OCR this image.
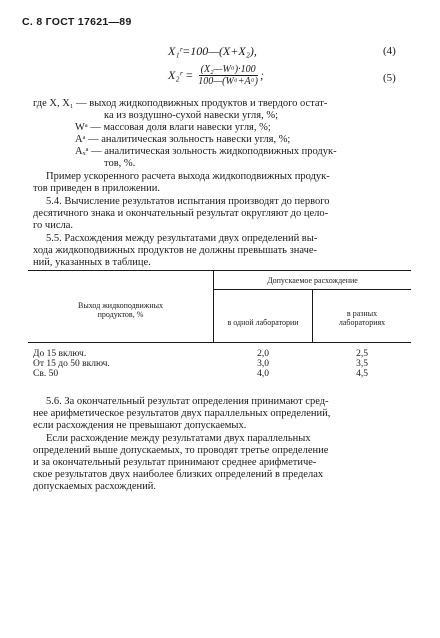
С. 8 ГОСТ 17621—89
X₁ʳ=100—(X+X₂),	(4)
X₂ʳ = $\frac{\text{(X₂—Wᵃ)·100}}{\text{100—(Wᵃ+Aᵃ)}}$ ;	(5)
где X, X₁ — выход жидкоподвижных продуктов и твердого остат-
ка из воздушно-сухой навески угля, %;
Wᵃ — массовая доля влаги навески угля, %;
Aᵃ — аналитическая зольность навески угля, %;
Aₓᵃ — аналитическая зольность жидкоподвижных продук-
тов, %.
Пример ускоренного расчета выхода жидкоподвижных продук-
тов приведен в приложении.
5.4. Вычисление результатов испытания производят до первого
десятичного знака и окончательный результат округляют до цело-
го числа.
5.5. Расхождения между результатами двух определений вы-
хода жидкоподвижных продуктов не должны превышать значе-
ний, указанных в таблице.
Выход жидкоподвижных
продуктов, %
Допускаемое расхождение
в одной лаборатории
в разных
лабораториях
До 15 включ.	2,0	2,5
От 15 до 50 включ.	3,0	3,5
Св. 50	4,0	4,5
5.6. За окончательный результат определения принимают сред-
нее арифметическое результатов двух параллельных определений,
если расхождения не превышают допускаемых.
Если расхождение между результатами двух параллельных
определений выше допускаемых, то проводят третье определение
и за окончательный результат принимают среднее арифметиче-
ское результатов двух наиболее близких определений в пределах
допускаемых расхождений.
